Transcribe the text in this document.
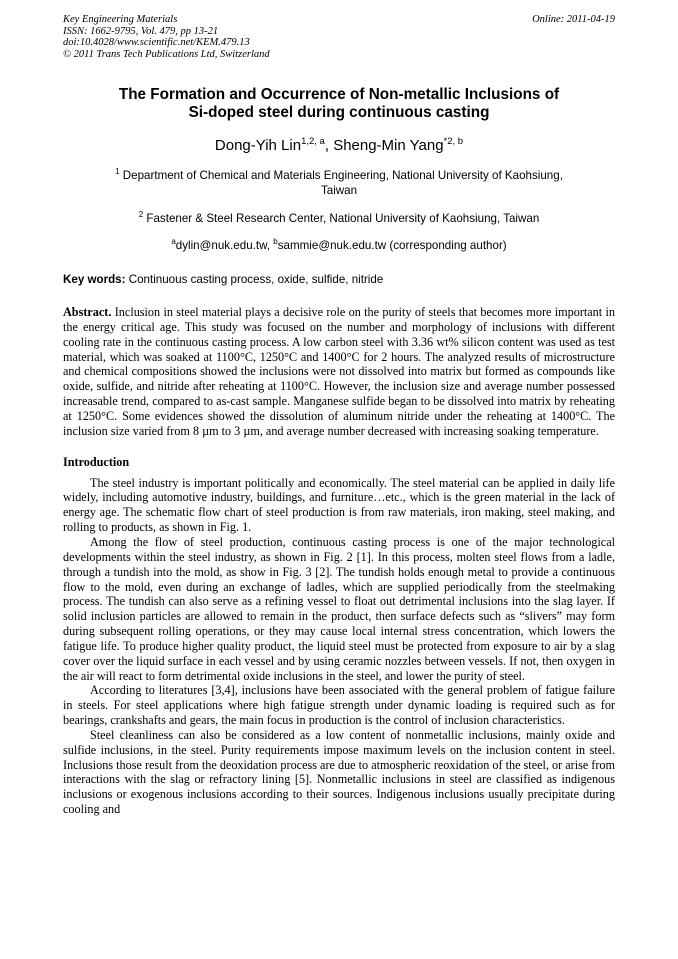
Key Engineering Materials
ISSN: 1662-9795, Vol. 479, pp 13-21
doi:10.4028/www.scientific.net/KEM.479.13
© 2011 Trans Tech Publications Ltd, Switzerland
Online: 2011-04-19
The Formation and Occurrence of Non-metallic Inclusions of
Si-doped steel during continuous casting
Dong-Yih Lin$^{1,2, a}$, Sheng-Min Yang$^{*2, b}$
$^1$ Department of Chemical and Materials Engineering, National University of Kaohsiung, Taiwan
$^2$ Fastener & Steel Research Center, National University of Kaohsiung, Taiwan
$^a$dylin@nuk.edu.tw, $^b$sammie@nuk.edu.tw (corresponding author)
Key words: Continuous casting process, oxide, sulfide, nitride
Abstract. Inclusion in steel material plays a decisive role on the purity of steels that becomes more important in the energy critical age. This study was focused on the number and morphology of inclusions with different cooling rate in the continuous casting process. A low carbon steel with 3.36 wt% silicon content was used as test material, which was soaked at 1100°C, 1250°C and 1400°C for 2 hours. The analyzed results of microstructure and chemical compositions showed the inclusions were not dissolved into matrix but formed as compounds like oxide, sulfide, and nitride after reheating at 1100°C. However, the inclusion size and average number possessed increasable trend, compared to as-cast sample. Manganese sulfide began to be dissolved into matrix by reheating at 1250°C. Some evidences showed the dissolution of aluminum nitride under the reheating at 1400°C. The inclusion size varied from 8 µm to 3 µm, and average number decreased with increasing soaking temperature.
Introduction

The steel industry is important politically and economically. The steel material can be applied in daily life widely, including automotive industry, buildings, and furniture…etc., which is the green material in the lack of energy age. The schematic flow chart of steel production is from raw materials, iron making, steel making, and rolling to products, as shown in Fig. 1.

Among the flow of steel production, continuous casting process is one of the major technological developments within the steel industry, as shown in Fig. 2 [1]. In this process, molten steel flows from a ladle, through a tundish into the mold, as show in Fig. 3 [2]. The tundish holds enough metal to provide a continuous flow to the mold, even during an exchange of ladles, which are supplied periodically from the steelmaking process. The tundish can also serve as a refining vessel to float out detrimental inclusions into the slag layer. If solid inclusion particles are allowed to remain in the product, then surface defects such as “slivers” may form during subsequent rolling operations, or they may cause local internal stress concentration, which lowers the fatigue life. To produce higher quality product, the liquid steel must be protected from exposure to air by a slag cover over the liquid surface in each vessel and by using ceramic nozzles between vessels. If not, then oxygen in the air will react to form detrimental oxide inclusions in the steel, and lower the purity of steel.

According to literatures [3,4], inclusions have been associated with the general problem of fatigue failure in steels. For steel applications where high fatigue strength under dynamic loading is required such as for bearings, crankshafts and gears, the main focus in production is the control of inclusion characteristics.

Steel cleanliness can also be considered as a low content of nonmetallic inclusions, mainly oxide and sulfide inclusions, in the steel. Purity requirements impose maximum levels on the inclusion content in steel. Inclusions those result from the deoxidation process are due to atmospheric reoxidation of the steel, or arise from interactions with the slag or refractory lining [5]. Nonmetallic inclusions in steel are classified as indigenous inclusions or exogenous inclusions according to their sources. Indigenous inclusions usually precipitate during cooling and
